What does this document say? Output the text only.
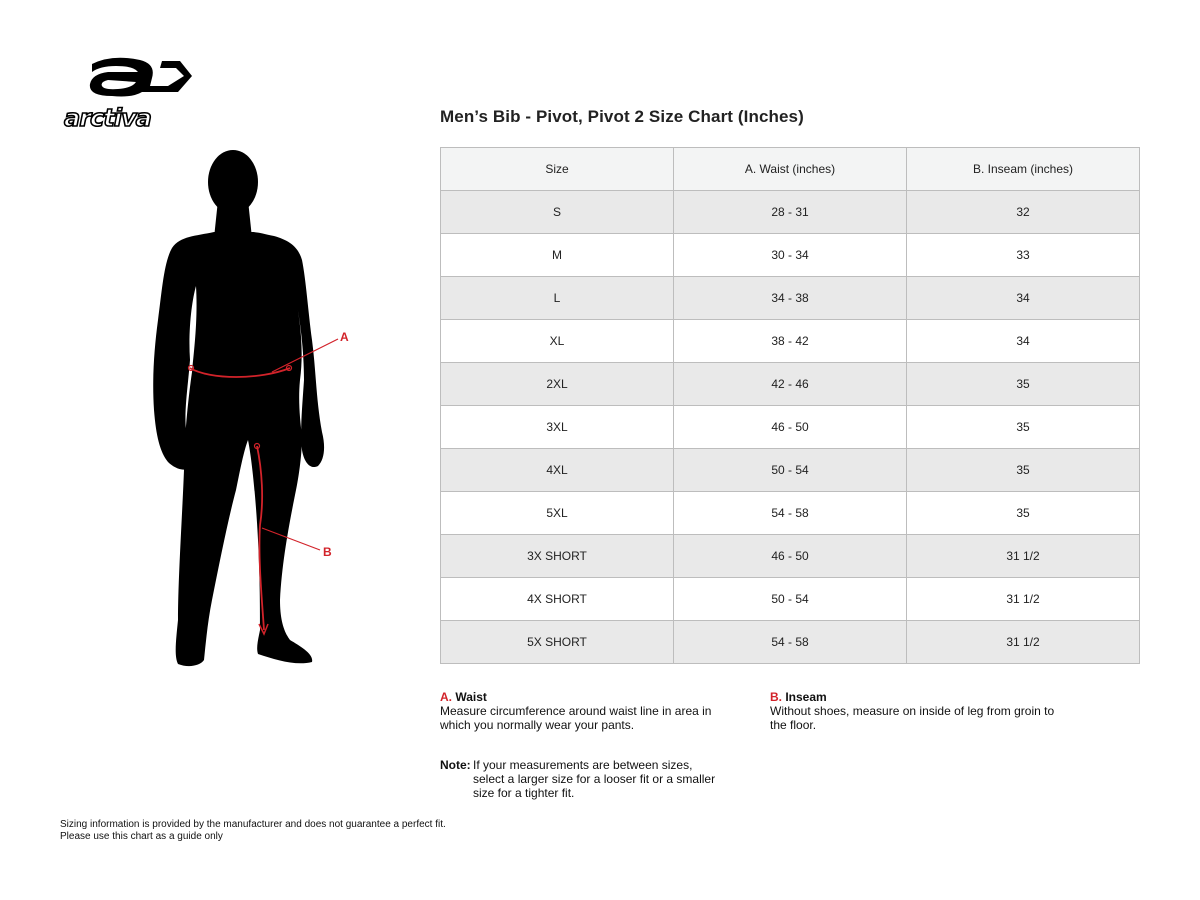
arctiva
A
B
Men’s Bib - Pivot, Pivot 2 Size Chart (Inches)
Size	A. Waist (inches)	B. Inseam (inches)
S	28 - 31	32
M	30 - 34	33
L	34 - 38	34
XL	38 - 42	34
2XL	42 - 46	35
3XL	46 - 50	35
4XL	50 - 54	35
5XL	54 - 58	35
3X SHORT	46 - 50	31 1/2
4X SHORT	50 - 54	31 1/2
5X SHORT	54 - 58	31 1/2
A. Waist
Measure circumference around waist line in area in which you normally wear your pants.
B. Inseam
Without shoes, measure on inside of leg from groin to the floor.
Note: If your measurements are between sizes, select a larger size for a looser fit or a smaller size for a tighter fit.
Sizing information is provided by the manufacturer and does not guarantee a perfect fit.
Please use this chart as a guide only
